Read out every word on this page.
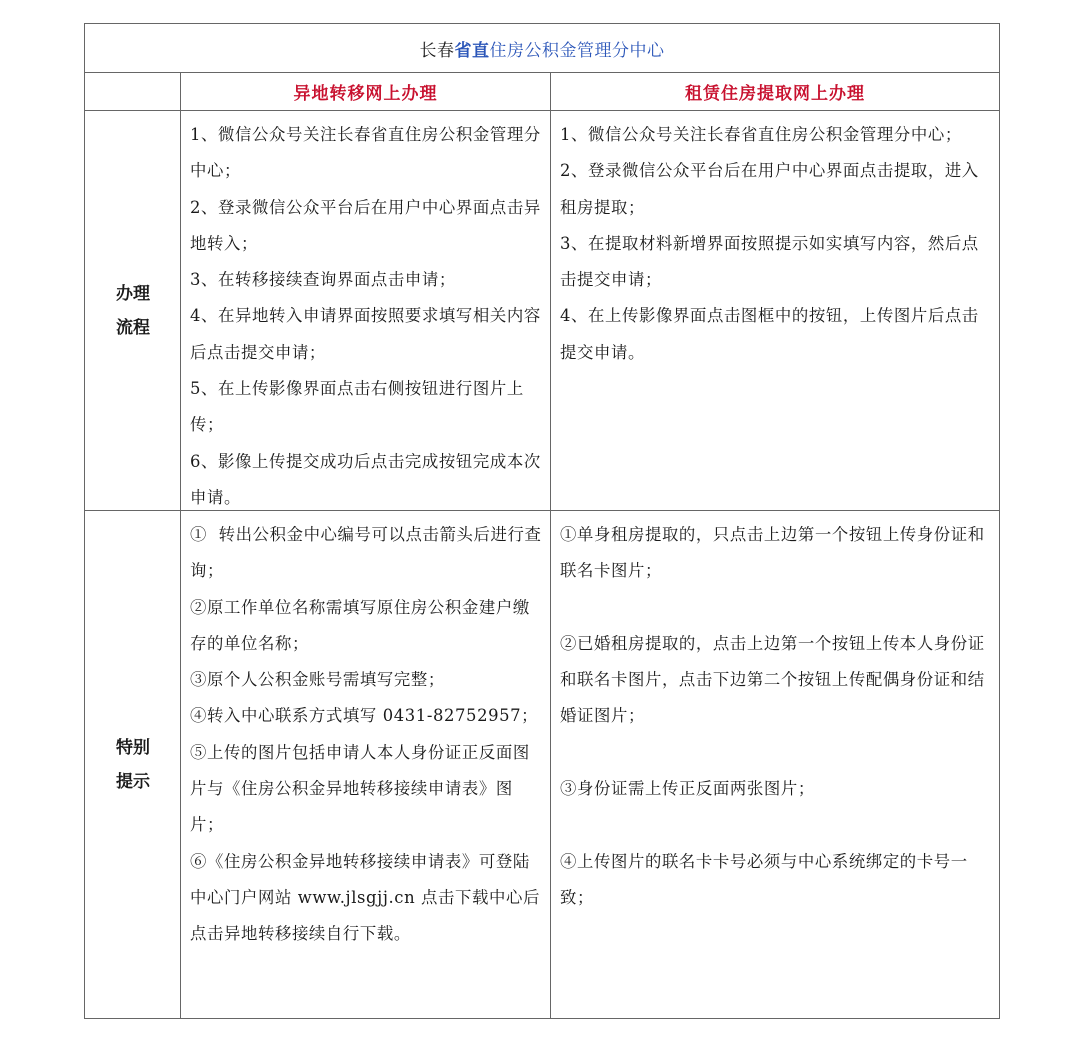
长春 省直 住房公积金管理分中心
异地转移网上办理	租赁住房提取网上办理
办理
流程

1、微信公众号关注长春省直住房公积金管理分中心；

2、登录微信公众平台后在用户中心界面点击异地转入；

3、在转移接续查询界面点击申请；

4、在异地转入申请界面按照要求填写相关内容后点击提交申请；

5、在上传影像界面点击右侧按钮进行图片上传；

6、影像上传提交成功后点击完成按钮完成本次申请。

1、微信公众号关注长春省直住房公积金管理分中心；

2、登录微信公众平台后在用户中心界面点击提取，进入租房提取；

3、在提取材料新增界面按照提示如实填写内容，然后点击提交申请；

4、在上传影像界面点击图框中的按钮，上传图片后点击提交申请。

特别
提示

①  转出公积金中心编号可以点击箭头后进行查询；

②原工作单位名称需填写原住房公积金建户缴存的单位名称；

③原个人公积金账号需填写完整；

④转入中心联系方式填写 0431-82752957；

⑤上传的图片包括申请人本人身份证正反面图片与《住房公积金异地转移接续申请表》图片；

⑥《住房公积金异地转移接续申请表》可登陆中心门户网站 www.jlsgjj.cn 点击下载中心后点击异地转移接续自行下载。

①单身租房提取的，只点击上边第一个按钮上传身份证和联名卡图片；

②已婚租房提取的，点击上边第一个按钮上传本人身份证和联名卡图片，点击下边第二个按钮上传配偶身份证和结婚证图片；

③身份证需上传正反面两张图片；

④上传图片的联名卡卡号必须与中心系统绑定的卡号一致；
